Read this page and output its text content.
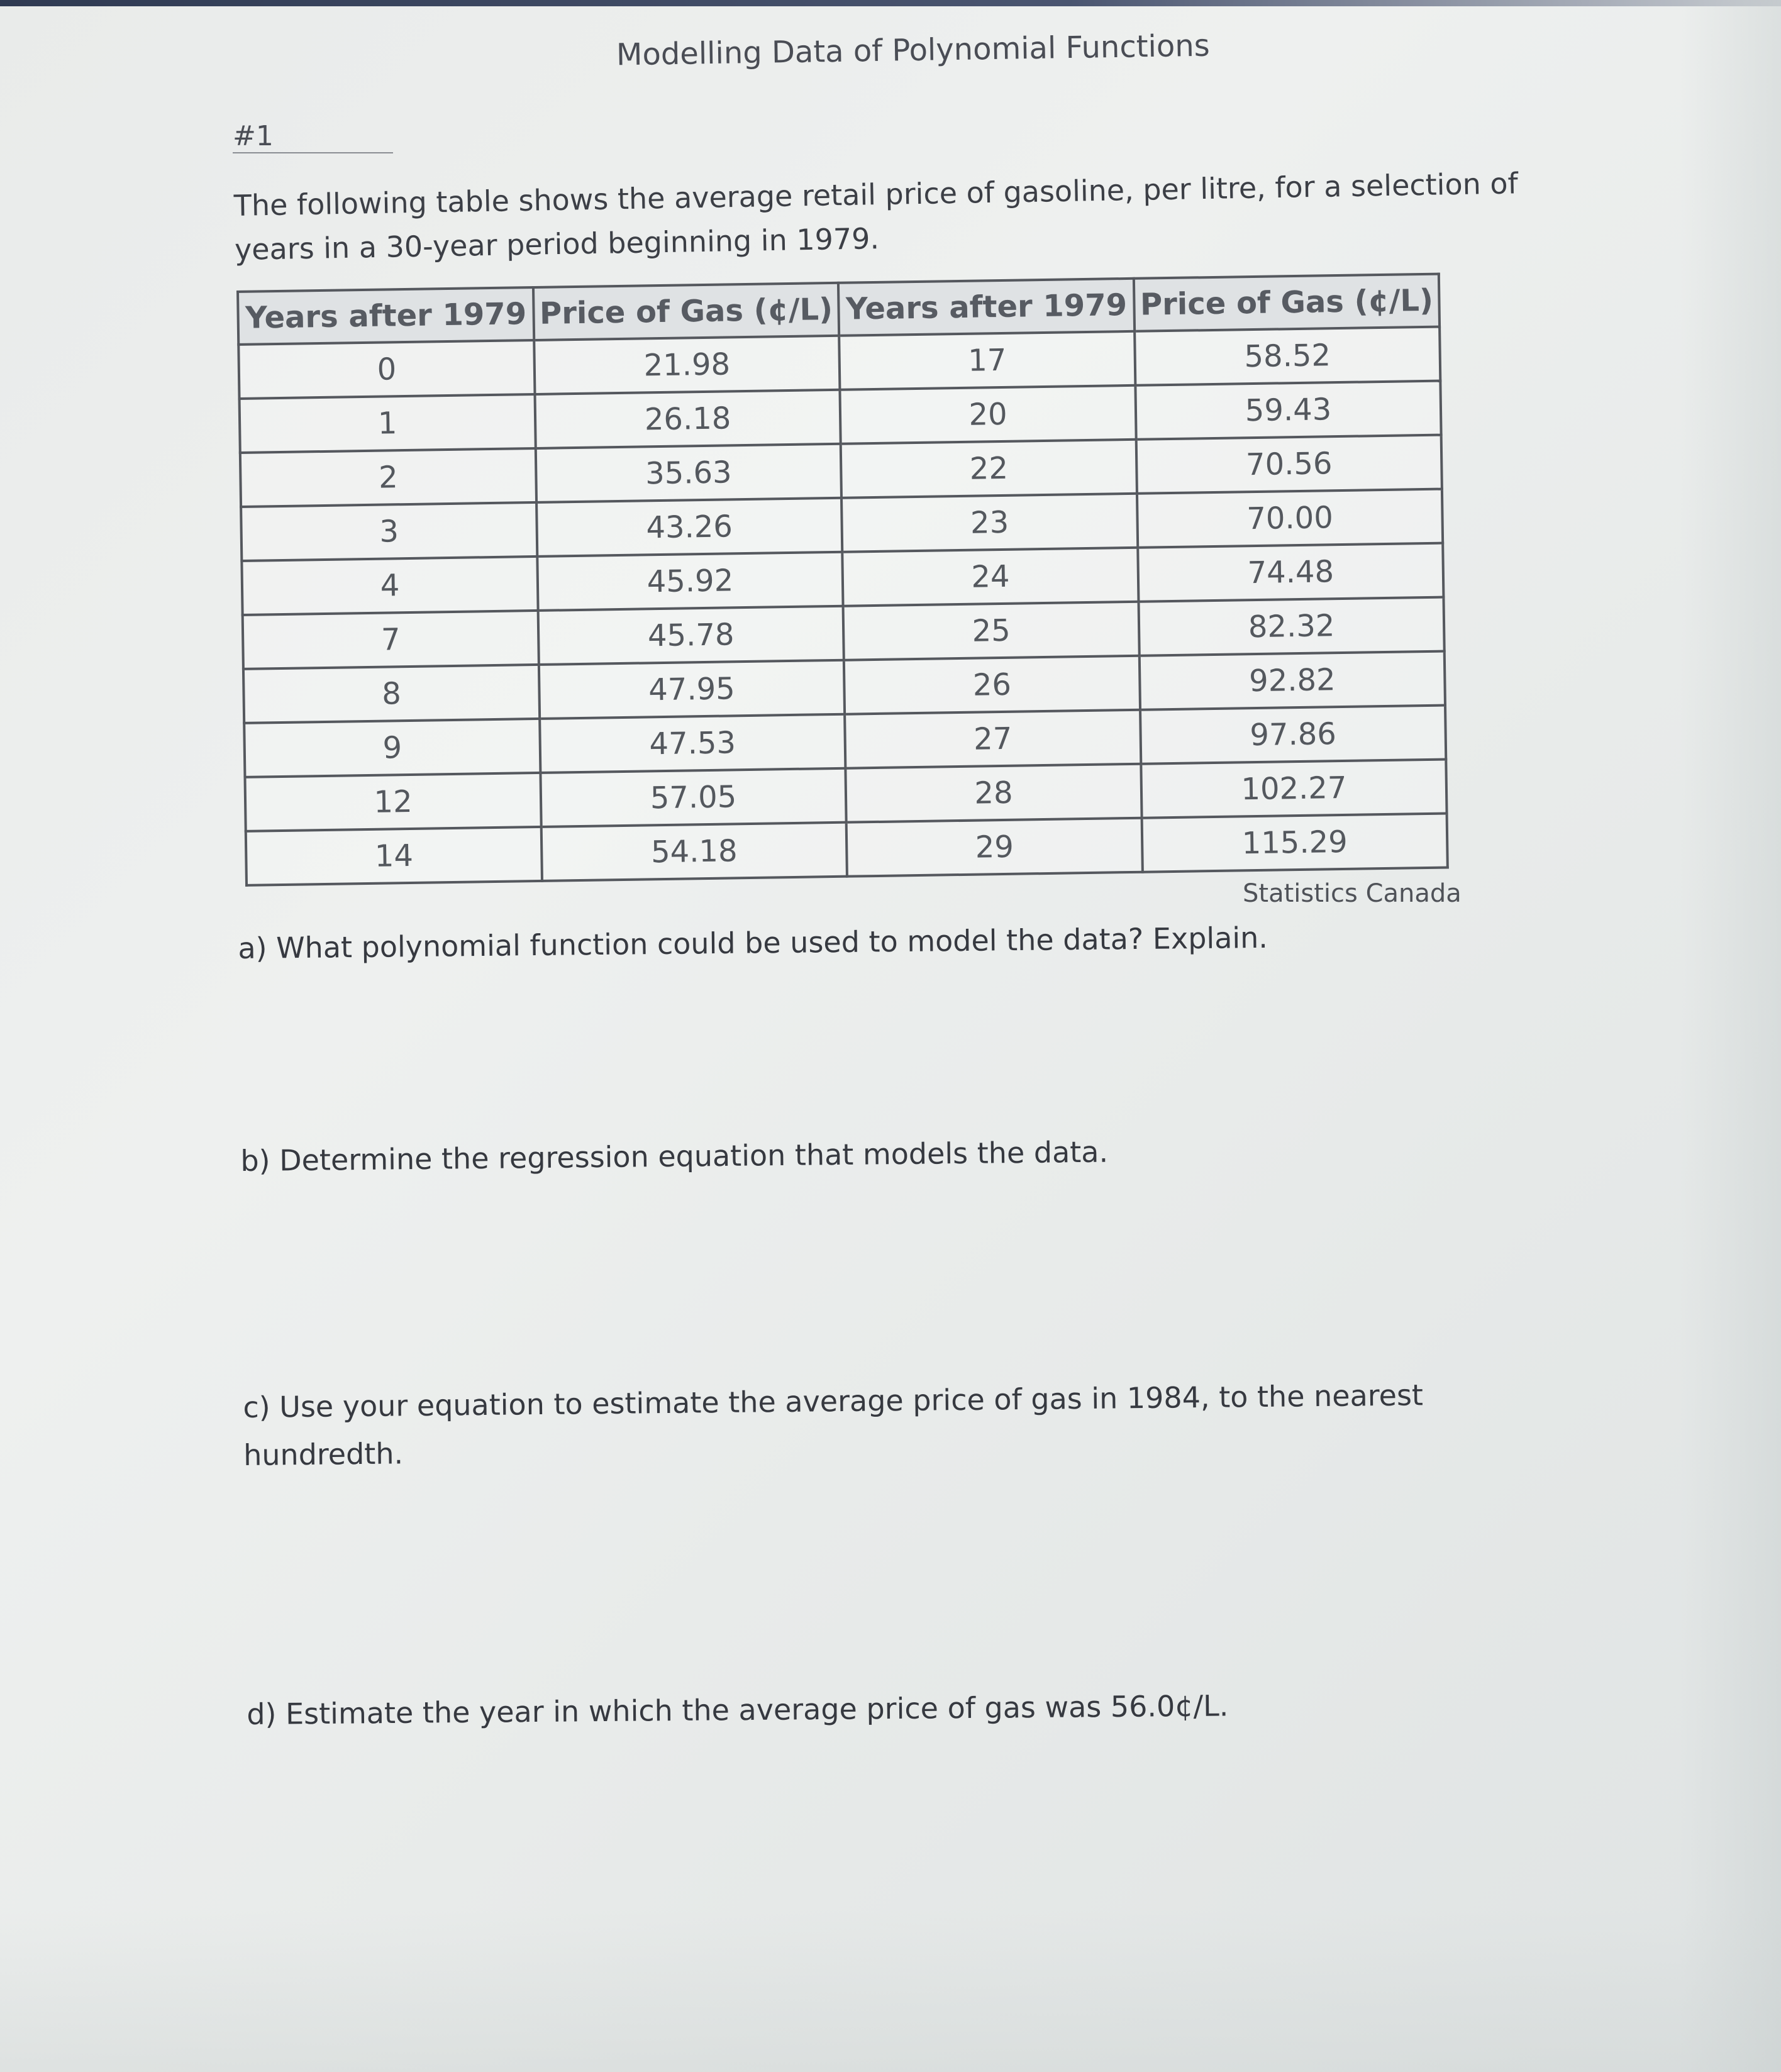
Modelling Data of Polynomial Functions
#1

The following table shows the average retail price of gasoline, per litre, for a selection of years in a 30-year period beginning in 1979.
Years after 1979	Price of Gas (¢/L)	Years after 1979	Price of Gas (¢/L)
0	21.98	17	58.52
1	26.18	20	59.43
2	35.63	22	70.56
3	43.26	23	70.00
4	45.92	24	74.48
7	45.78	25	82.32
8	47.95	26	92.82
9	47.53	27	97.86
12	57.05	28	102.27
14	54.18	29	115.29
Statistics Canada
a) What polynomial function could be used to model the data? Explain.
b) Determine the regression equation that models the data.
c) Use your equation to estimate the average price of gas in 1984, to the nearest hundredth.
d) Estimate the year in which the average price of gas was 56.0¢/L.
